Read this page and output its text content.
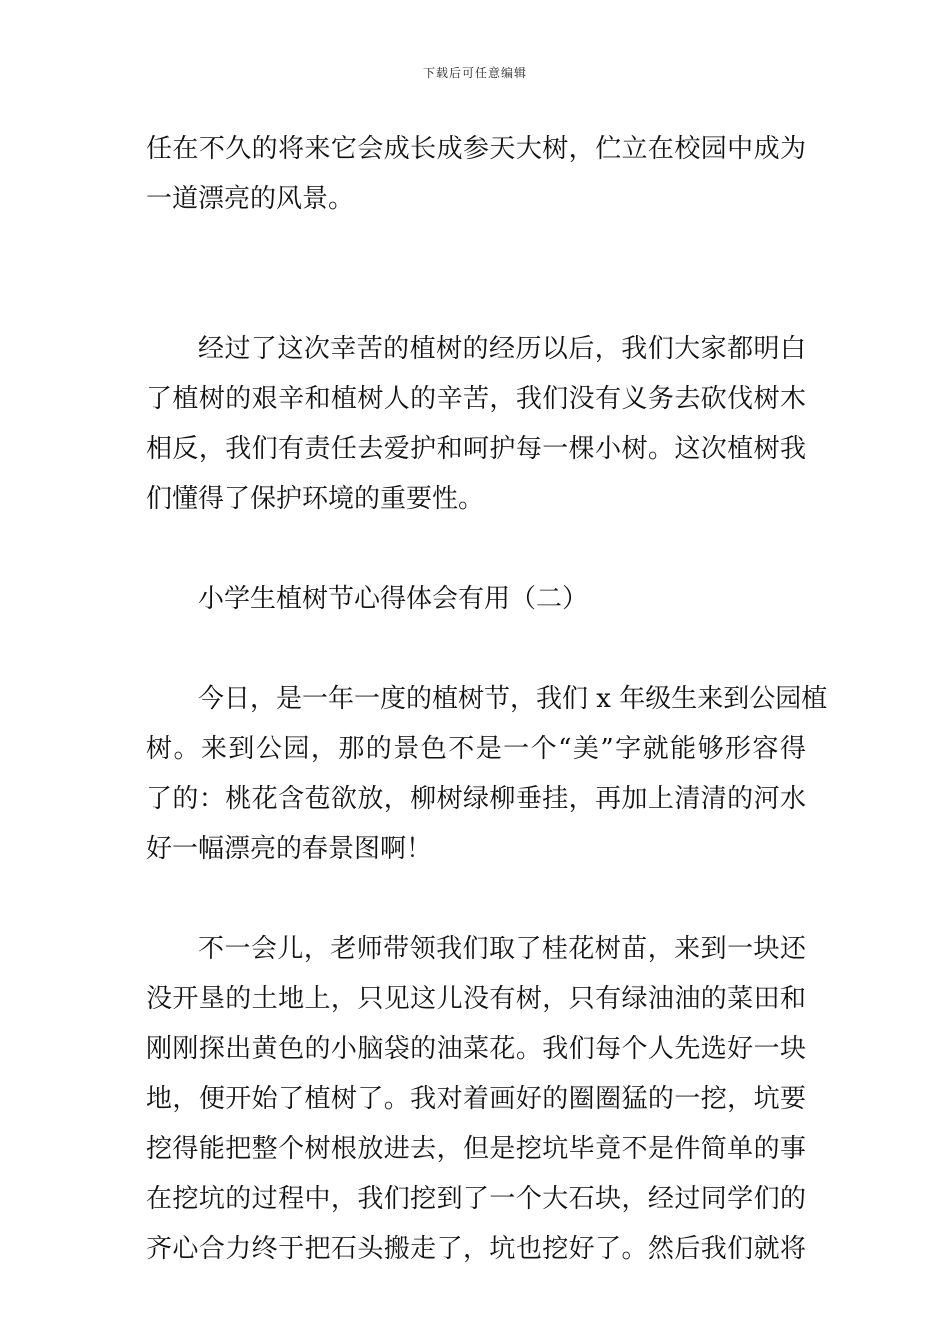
下载后可任意编辑
任在不久的将来它会成长成参天大树，伫立在校园中成为
一道漂亮的风景。
经过了这次幸苦的植树的经历以后，我们大家都明白
了植树的艰辛和植树人的辛苦，我们没有义务去砍伐树木
相反，我们有责任去爱护和呵护每一棵小树。这次植树我
们懂得了保护环境的重要性。
小学生植树节心得体会有用（二）
今日，是一年一度的植树节，我们 x 年级生来到公园植
树。来到公园，那的景色不是一个“美”字就能够形容得
了的：桃花含苞欲放，柳树绿柳垂挂，再加上清清的河水
好一幅漂亮的春景图啊！
不一会儿，老师带领我们取了桂花树苗，来到一块还
没开垦的土地上，只见这儿没有树，只有绿油油的菜田和
刚刚探出黄色的小脑袋的油菜花。我们每个人先选好一块
地，便开始了植树了。我对着画好的圈圈猛的一挖，坑要
挖得能把整个树根放进去，但是挖坑毕竟不是件简单的事
在挖坑的过程中，我们挖到了一个大石块，经过同学们的
齐心合力终于把石头搬走了，坑也挖好了。然后我们就将
